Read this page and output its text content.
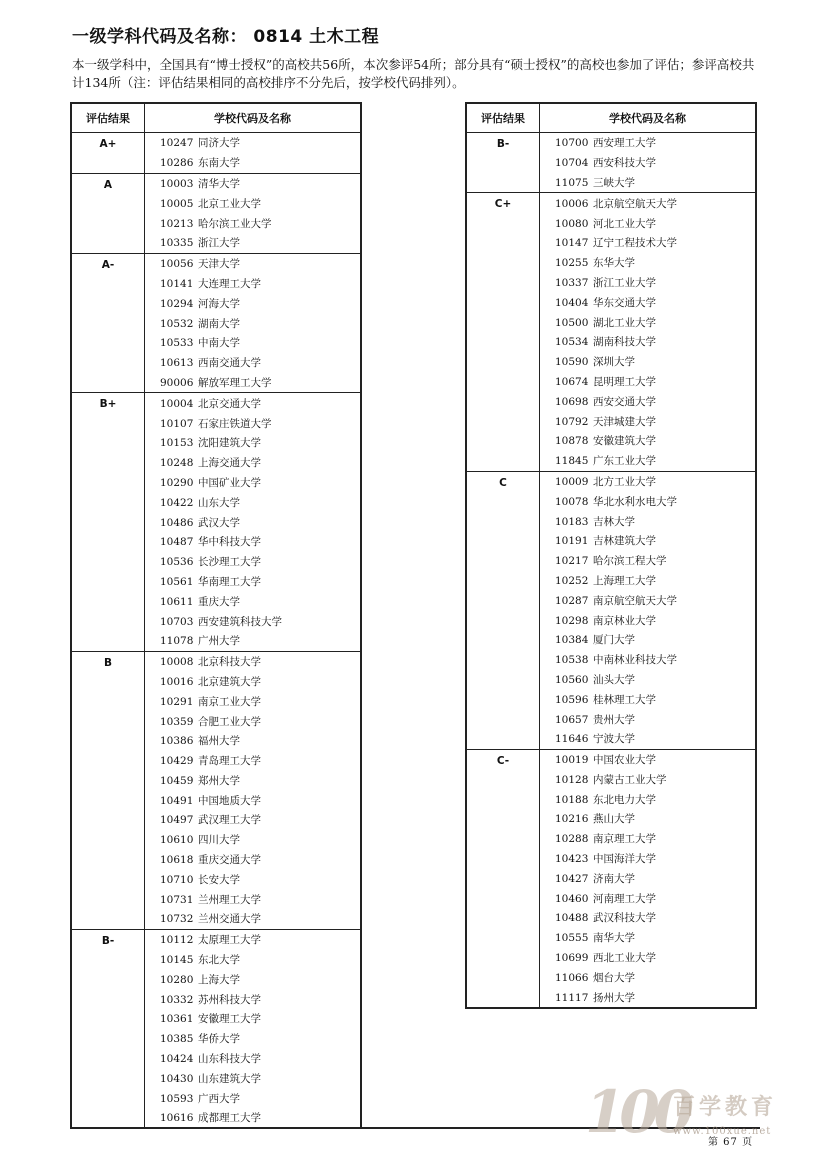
一级学科代码及名称： 0814 土木工程
本一级学科中，全国具有“博士授权”的高校共56所，本次参评54所；部分具有“硕士授权”的高校也参加了评估；参评高校共计134所（注：评估结果相同的高校排序不分先后，按学校代码排列）。
评估结果	学校代码及名称
A+	10247 同济大学
	10286 东南大学
A	10003 清华大学
	10005 北京工业大学
	10213 哈尔滨工业大学
	10335 浙江大学
A-	10056 天津大学
	10141 大连理工大学
	10294 河海大学
	10532 湖南大学
	10533 中南大学
	10613 西南交通大学
	90006 解放军理工大学
B+	10004 北京交通大学
	10107 石家庄铁道大学
	10153 沈阳建筑大学
	10248 上海交通大学
	10290 中国矿业大学
	10422 山东大学
	10486 武汉大学
	10487 华中科技大学
	10536 长沙理工大学
	10561 华南理工大学
	10611 重庆大学
	10703 西安建筑科技大学
	11078 广州大学
B	10008 北京科技大学
	10016 北京建筑大学
	10291 南京工业大学
	10359 合肥工业大学
	10386 福州大学
	10429 青岛理工大学
	10459 郑州大学
	10491 中国地质大学
	10497 武汉理工大学
	10610 四川大学
	10618 重庆交通大学
	10710 长安大学
	10731 兰州理工大学
	10732 兰州交通大学
B-	10112 太原理工大学
	10145 东北大学
	10280 上海大学
	10332 苏州科技大学
	10361 安徽理工大学
	10385 华侨大学
	10424 山东科技大学
	10430 山东建筑大学
	10593 广西大学
	10616 成都理工大学
评估结果	学校代码及名称
B-	10700 西安理工大学
	10704 西安科技大学
	11075 三峡大学
C+	10006 北京航空航天大学
	10080 河北工业大学
	10147 辽宁工程技术大学
	10255 东华大学
	10337 浙江工业大学
	10404 华东交通大学
	10500 湖北工业大学
	10534 湖南科技大学
	10590 深圳大学
	10674 昆明理工大学
	10698 西安交通大学
	10792 天津城建大学
	10878 安徽建筑大学
	11845 广东工业大学
C	10009 北方工业大学
	10078 华北水利水电大学
	10183 吉林大学
	10191 吉林建筑大学
	10217 哈尔滨工程大学
	10252 上海理工大学
	10287 南京航空航天大学
	10298 南京林业大学
	10384 厦门大学
	10538 中南林业科技大学
	10560 汕头大学
	10596 桂林理工大学
	10657 贵州大学
	11646 宁波大学
C-	10019 中国农业大学
	10128 内蒙古工业大学
	10188 东北电力大学
	10216 燕山大学
	10288 南京理工大学
	10423 中国海洋大学
	10427 济南大学
	10460 河南理工大学
	10488 武汉科技大学
	10555 南华大学
	10699 西北工业大学
	11066 烟台大学
	11117 扬州大学
第 67 页
100
百学教育
www.100xue.net
